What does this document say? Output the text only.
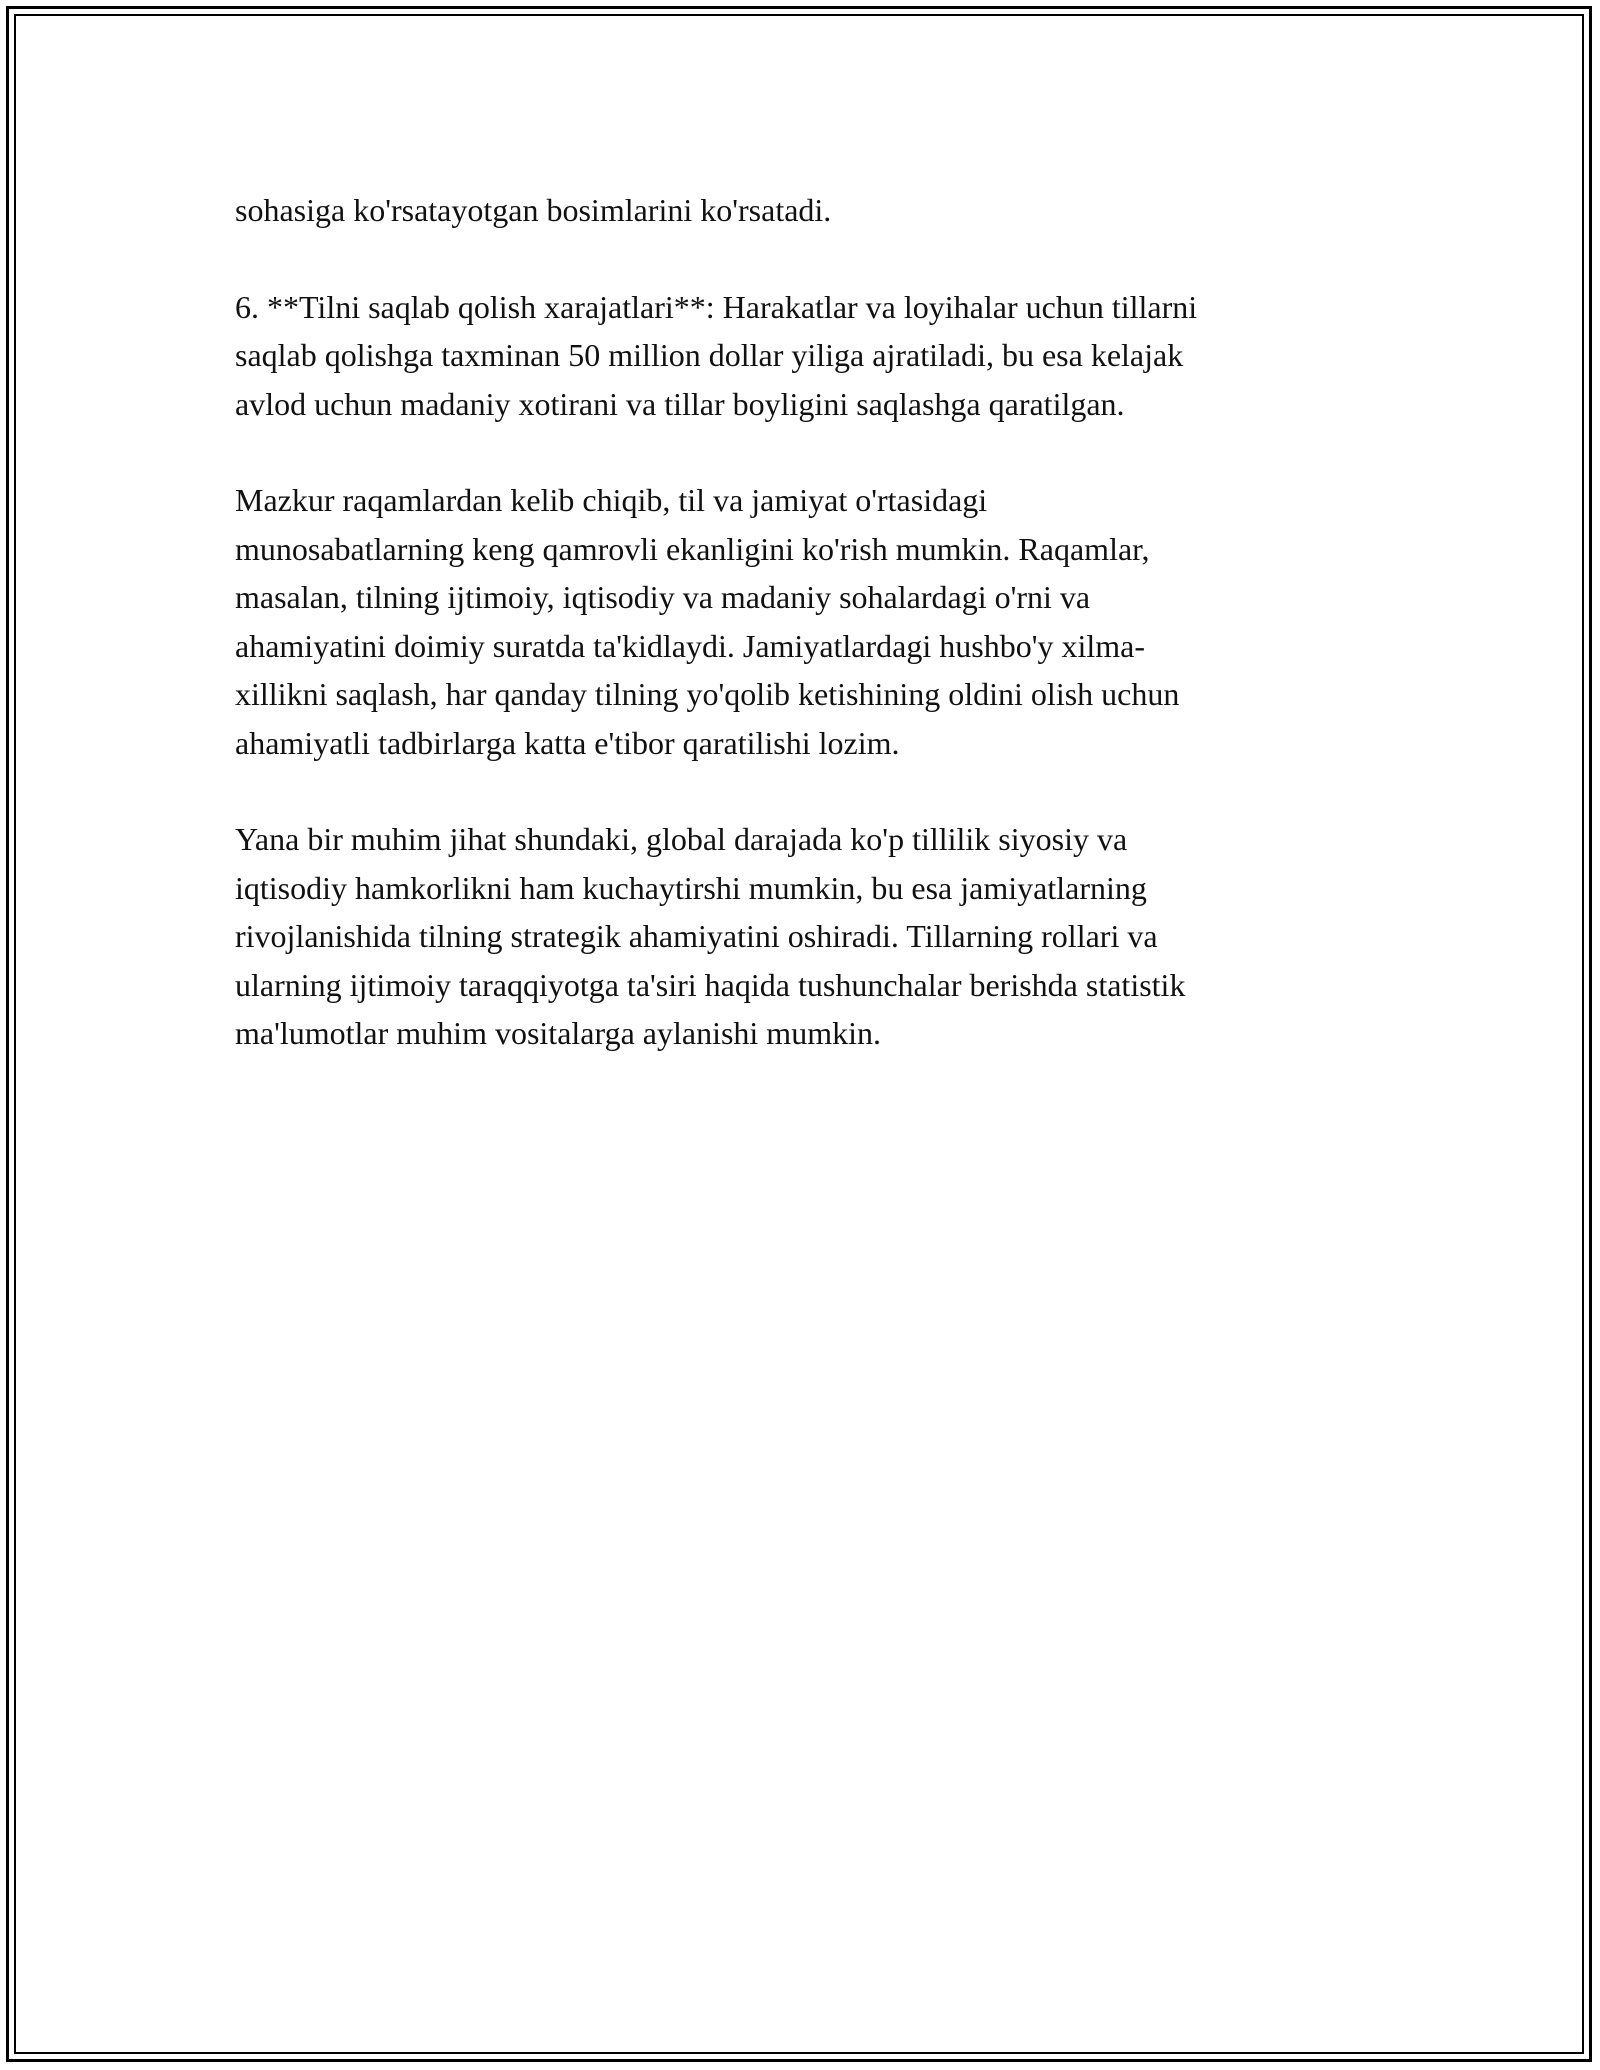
sohasiga ko'rsatayotgan bosimlarini ko'rsatadi.

6. **Tilni saqlab qolish xarajatlari**: Harakatlar va loyihalar uchun tillarni
saqlab qolishga taxminan 50 million dollar yiliga ajratiladi, bu esa kelajak
avlod uchun madaniy xotirani va tillar boyligini saqlashga qaratilgan.

Mazkur raqamlardan kelib chiqib, til va jamiyat o'rtasidagi
munosabatlarning keng qamrovli ekanligini ko'rish mumkin. Raqamlar,
masalan, tilning ijtimoiy, iqtisodiy va madaniy sohalardagi o'rni va
ahamiyatini doimiy suratda ta'kidlaydi. Jamiyatlardagi hushbo'y xilma-
xillikni saqlash, har qanday tilning yo'qolib ketishining oldini olish uchun
ahamiyatli tadbirlarga katta e'tibor qaratilishi lozim.

Yana bir muhim jihat shundaki, global darajada ko'p tillilik siyosiy va
iqtisodiy hamkorlikni ham kuchaytirshi mumkin, bu esa jamiyatlarning
rivojlanishida tilning strategik ahamiyatini oshiradi. Tillarning rollari va
ularning ijtimoiy taraqqiyotga ta'siri haqida tushunchalar berishda statistik
ma'lumotlar muhim vositalarga aylanishi mumkin.
